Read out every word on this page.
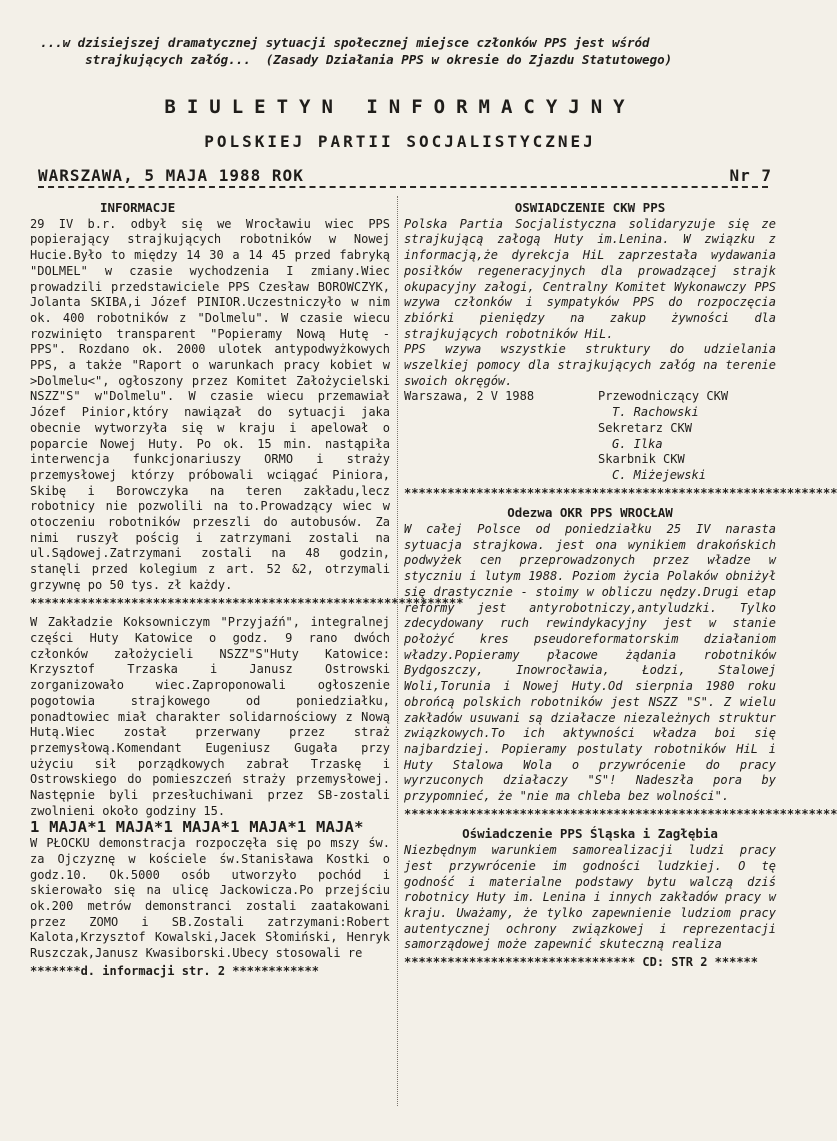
...w dzisiejszej dramatycznej sytuacji społecznej miejsce członków PPS jest wśród
strajkujących załóg...  (Zasady Działania PPS w okresie do Zjazdu Statutowego)
BIULETYN INFORMACYJNY
POLSKIEJ PARTII SOCJALISTYCZNEJ
WARSZAWA, 5 MAJA 1988 ROK	Nr 7
INFORMACJE

29 IV b.r. odbył się we Wrocławiu wiec PPS popierający strajkujących robotników w Nowej Hucie.Było to między 14 30 a 14 45 przed fabryką "DOLMEL" w czasie wychodzenia I zmiany.Wiec prowadzili przedstawiciele PPS Czesław BOROWCZYK, Jolanta SKIBA,i Józef PINIOR.Uczestniczyło w nim ok. 400 robotników z "Dolmelu". W czasie wiecu rozwinięto transparent "Popieramy Nową Hutę - PPS". Rozdano ok. 2000 ulotek antypodwyżkowych PPS, a także "Raport o warunkach pracy kobiet w >Dolmelu<", ogłoszony przez Komitet Założycielski NSZZ"S" w"Dolmelu". W czasie wiecu przemawiał Józef Pinior,który nawiązał do sytuacji jaka obecnie wytworzyła się w kraju i apelował o poparcie Nowej Huty. Po ok. 15 min. nastąpiła interwencja funkcjonariuszy ORMO i straży przemysłowej którzy próbowali wciągać Piniora, Skibę i Borowczyka na teren zakładu,lecz robotnicy nie pozwolili na to.Prowadzący wiec w otoczeniu robotników przeszli do autobusów. Za nimi ruszył pościg i zatrzymani zostali na ul.Sądowej.Zatrzymani zostali na 48 godzin, stanęli przed kolegium z art. 52 &2, otrzymali grzywnę po 50 tys. zł każdy.

************************************************************

W Zakładzie Koksowniczym "Przyjaźń", integralnej części Huty Katowice o godz. 9 rano dwóch członków założycieli NSZZ"S"Huty Katowice: Krzysztof Trzaska i Janusz Ostrowski zorganizowało wiec.Zaproponowali ogłoszenie pogotowia strajkowego od poniedziałku, ponadtowiec miał charakter solidarnościowy z Nową Hutą.Wiec został przerwany przez straż przemysłową.Komendant Eugeniusz Gugała przy użyciu sił porządkowych zabrał Trzaskę i Ostrowskiego do pomieszczeń straży przemysłowej. Następnie byli przesłuchiwani przez SB-zostali zwolnieni około godziny 15.

1 MAJA*1 MAJA*1 MAJA*1 MAJA*1 MAJA*

W PŁOCKU demonstracja rozpoczęła się po mszy św. za Ojczyznę w kościele św.Stanisława Kostki o godz.10. Ok.5000 osób utworzyło pochód i skierowało się na ulicę Jackowicza.Po przejściu ok.200 metrów demonstranci zostali zaatakowani przez ZOMO i SB.Zostali zatrzymani:Robert Kalota,Krzysztof Kowalski,Jacek Słomiński, Henryk Ruszczak,Janusz Kwasiborski.Ubecy stosowali re

*******d. informacji str. 2 ************
OSWIADCZENIE CKW PPS

Polska Partia Socjalistyczna solidaryzuje się ze strajkującą załogą Huty im.Lenina. W związku z informacją,że dyrekcja HiL zaprzestała wydawania posiłków regeneracyjnych dla prowadzącej strajk okupacyjny załogi, Centralny Komitet Wykonawczy PPS wzywa członków i sympatyków PPS do rozpoczęcia zbiórki pieniędzy na zakup żywności dla strajkujących robotników HiL.

PPS wzywa wszystkie struktury do udzielania wszelkiej pomocy dla strajkujących załóg na terenie swoich okręgów.

Warszawa, 2 V 1988	Przewodniczący CKW
T. Rachowski
Sekretarz CKW
G. Ilka
Skarbnik CKW
C. Miżejewski
************************************************************
Odezwa OKR PPS WROCŁAW

W całej Polsce od poniedziałku 25 IV narasta sytuacja strajkowa. jest ona wynikiem drakońskich podwyżek cen przeprowadzonych przez władze w styczniu i lutym 1988. Poziom życia Polaków obniżył się drastycznie - stoimy w obliczu nędzy.Drugi etap reformy jest antyrobotniczy,antyludzki. Tylko zdecydowany ruch rewindykacyjny jest w stanie położyć kres pseudoreformatorskim działaniom władzy.Popieramy płacowe żądania robotników Bydgoszczy, Inowrocławia, Łodzi, Stalowej Woli,Torunia i Nowej Huty.Od sierpnia 1980 roku obrońcą polskich robotników jest NSZZ "S". Z wielu zakładów usuwani są działacze niezależnych struktur związkowych.To ich aktywności władza boi się najbardziej. Popieramy postulaty robotników HiL i Huty Stalowa Wola o przywrócenie do pracy wyrzuconych działaczy "S"! Nadeszła pora by przypomnieć, że "nie ma chleba bez wolności".

************************************************************
Oświadczenie PPS Śląska i Zagłębia

Niezbędnym warunkiem samorealizacji ludzi pracy jest przywrócenie im godności ludzkiej. O tę godność i materialne podstawy bytu walczą dziś robotnicy Huty im. Lenina i innych zakładów pracy w kraju. Uważamy, że tylko zapewnienie ludziom pracy autentycznej ochrony związkowej i reprezentacji samorządowej może zapewnić skuteczną realiza

******************************** CD: STR 2 ******
